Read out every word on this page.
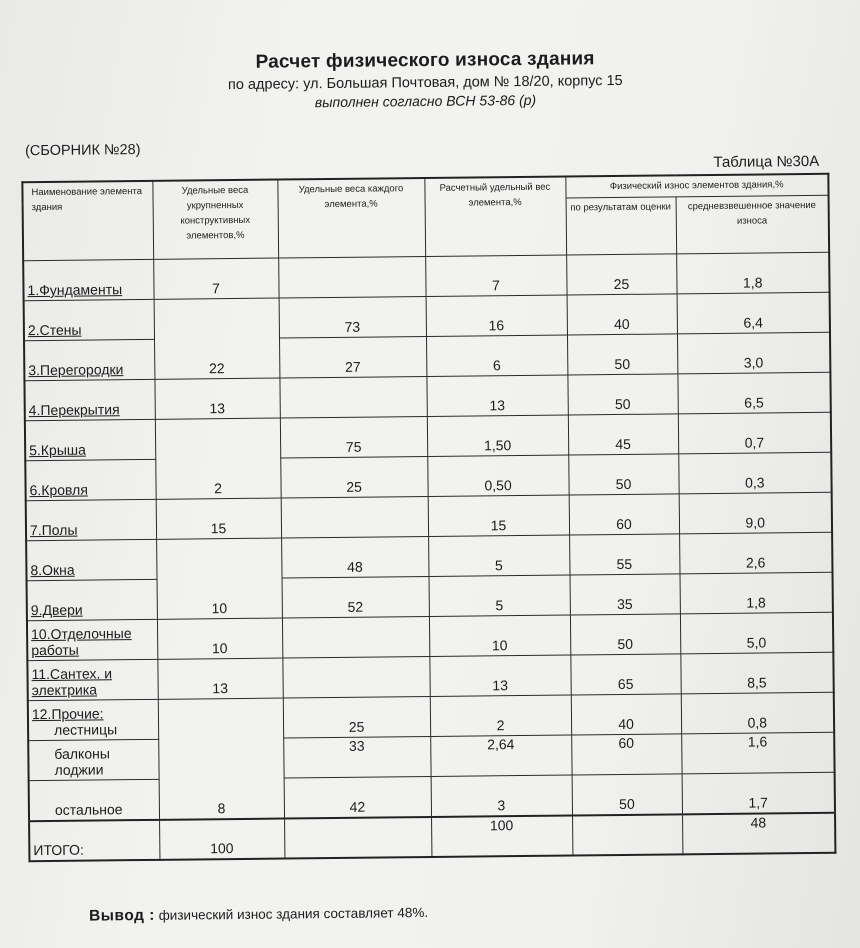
Расчет физического износа здания

по адресу: ул. Большая Почтовая, дом № 18/20, корпус 15

выполнен согласно ВСН 53-86 (р)

(СБОРНИК №28)
Таблица №30А
Наименование элемента здания	Удельные веса укрупненных конструктивных элементов,%	Удельные веса каждого элемента,%	Расчетный удельный вес элемента,%	Физический износ элементов здания,%	
				по результатам оценки	средневзвешенное значение износа
1.Фундаменты	7		7	25	1,8
2.Стены	22	73	16	40	6,4
3.Перегородки		27	6	50	3,0
4.Перекрытия	13		13	50	6,5
5.Крыша	2	75	1,50	45	0,7
6.Кровля		25	0,50	50	0,3
7.Полы	15		15	60	9,0
8.Окна	10	48	5	55	2,6
9.Двери		52	5	35	1,8
10.Отделочные
работы	10		10	50	5,0
11.Сантех. и
электрика	13		13	65	8,5
12.Прочие:

лестницы	8	25	2	40	0,8

балконы
лоджии		33	2,64	60	1,6

остальное		42	3	50	1,7
ИТОГО:	100		100		48

Вывод : физический износ здания составляет 48%.
